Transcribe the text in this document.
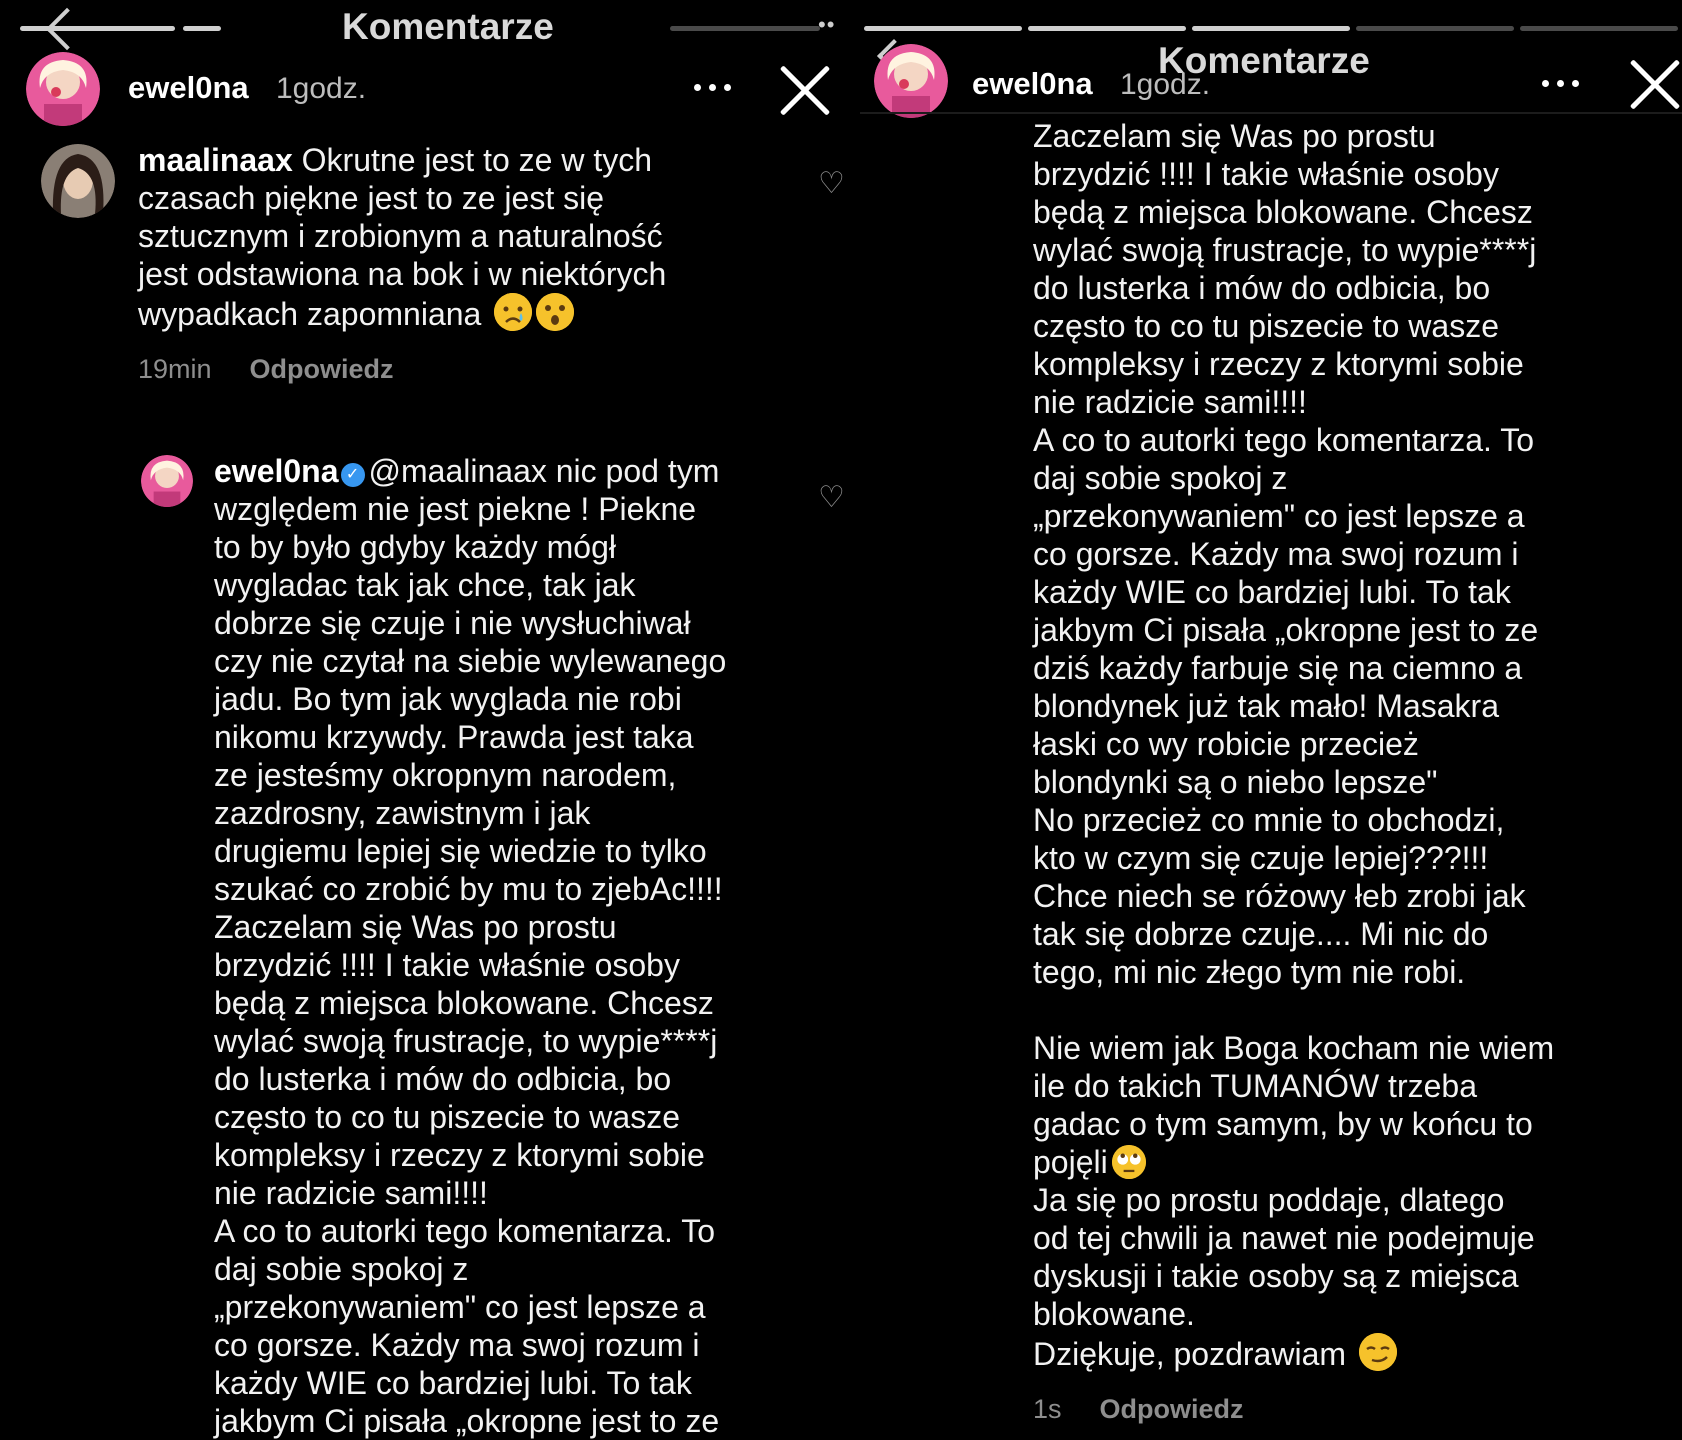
Komentarze	••
ewel0na 1godz.
maalinaax Okrutne jest to ze w tych
czasach piękne jest to ze jest się
sztucznym i zrobionym a naturalność
jest odstawiona na bok i w niektórych
wypadkach zapomniana
♡
19min Odpowiedz
ewel0na ✓ @maalinaax nic pod tym
względem nie jest piekne ! Piekne
to by było gdyby każdy mógł
wygladac tak jak chce, tak jak
dobrze się czuje i nie wysłuchiwał
czy nie czytał na siebie wylewanego
jadu. Bo tym jak wyglada nie robi
nikomu krzywdy. Prawda jest taka
ze jesteśmy okropnym narodem,
zazdrosny, zawistnym i jak
drugiemu lepiej się wiedzie to tylko
szukać co zrobić by mu to zjebAc!!!!
Zaczelam się Was po prostu
brzydzić !!!! I takie właśnie osoby
będą z miejsca blokowane. Chcesz
wylać swoją frustracje, to wypie****j
do lusterka i mów do odbicia, bo
często to co tu piszecie to wasze
kompleksy i rzeczy z ktorymi sobie
nie radzicie sami!!!!
A co to autorki tego komentarza. To
daj sobie spokoj z
„przekonywaniem" co jest lepsze a
co gorsze. Każdy ma swoj rozum i
każdy WIE co bardziej lubi. To tak
jakbym Ci pisała „okropne jest to ze
♡
Komentarze
ewel0na 1godz.
Zaczelam się Was po prostu
brzydzić !!!! I takie właśnie osoby
będą z miejsca blokowane. Chcesz
wylać swoją frustracje, to wypie****j
do lusterka i mów do odbicia, bo
często to co tu piszecie to wasze
kompleksy i rzeczy z ktorymi sobie
nie radzicie sami!!!!
A co to autorki tego komentarza. To
daj sobie spokoj z
„przekonywaniem" co jest lepsze a
co gorsze. Każdy ma swoj rozum i
każdy WIE co bardziej lubi. To tak
jakbym Ci pisała „okropne jest to ze
dziś każdy farbuje się na ciemno a
blondynek już tak mało! Masakra
łaski co wy robicie przecież
blondynki są o niebo lepsze"
No przecież co mnie to obchodzi,
kto w czym się czuje lepiej???!!!
Chce niech se różowy łeb zrobi jak
tak się dobrze czuje.... Mi nic do
tego, mi nic złego tym nie robi.

Nie wiem jak Boga kocham nie wiem
ile do takich TUMANÓW trzeba
gadac o tym samym, by w końcu to
pojęli
Ja się po prostu poddaje, dlatego
od tej chwili ja nawet nie podejmuje
dyskusji i takie osoby są z miejsca
blokowane.
Dziękuje, pozdrawiam
1s Odpowiedz
